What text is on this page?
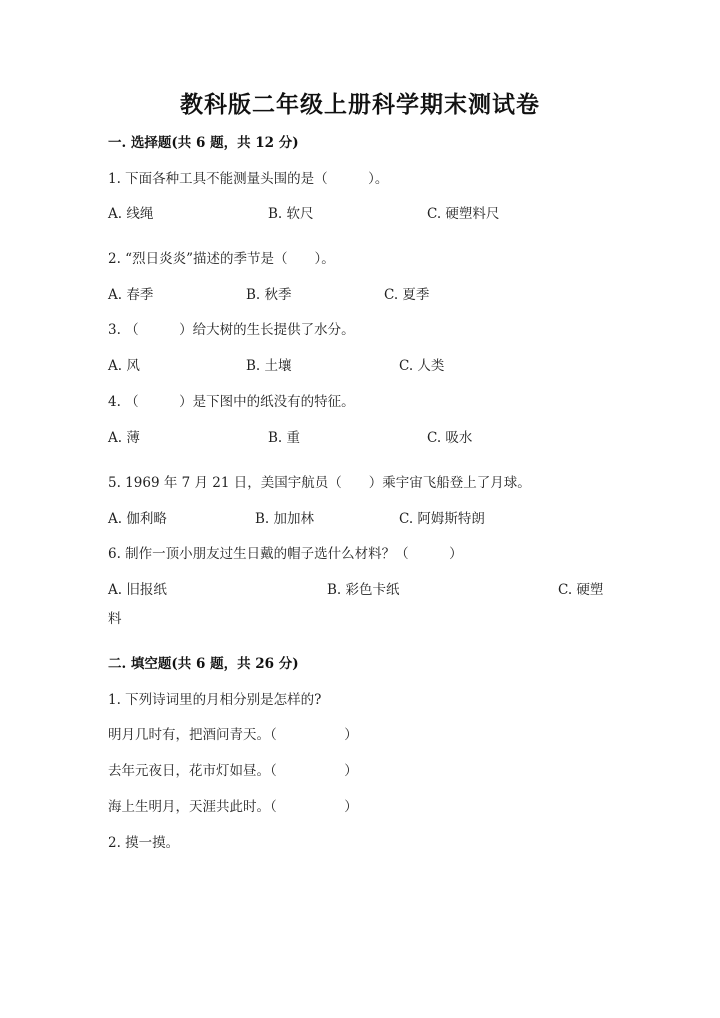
教科版二年级上册科学期末测试卷
一. 选择题(共 6 题，共 12 分)
1. 下面各种工具不能测量头围的是（　　　）。
A. 线绳	B. 软尺	C. 硬塑料尺
2. “烈日炎炎”描述的季节是（　　）。
A. 春季	B. 秋季	C. 夏季
3. （　　　）给大树的生长提供了水分。
A. 风	B. 土壤	C. 人类
4. （　　　）是下图中的纸没有的特征。
A. 薄	B. 重	C. 吸水
5. 1969 年 7 月 21 日，美国宇航员（　　）乘宇宙飞船登上了月球。
A. 伽利略	B. 加加林	C. 阿姆斯特朗
6. 制作一顶小朋友过生日戴的帽子选什么材料？（　　　）
A. 旧报纸	B. 彩色卡纸	C. 硬塑
料
二. 填空题(共 6 题，共 26 分)
1. 下列诗词里的月相分别是怎样的?
明月几时有，把酒问青天。（　　　　　）
去年元夜日，花市灯如昼。（　　　　　）
海上生明月，天涯共此时。（　　　　　）
2. 摸一摸。
